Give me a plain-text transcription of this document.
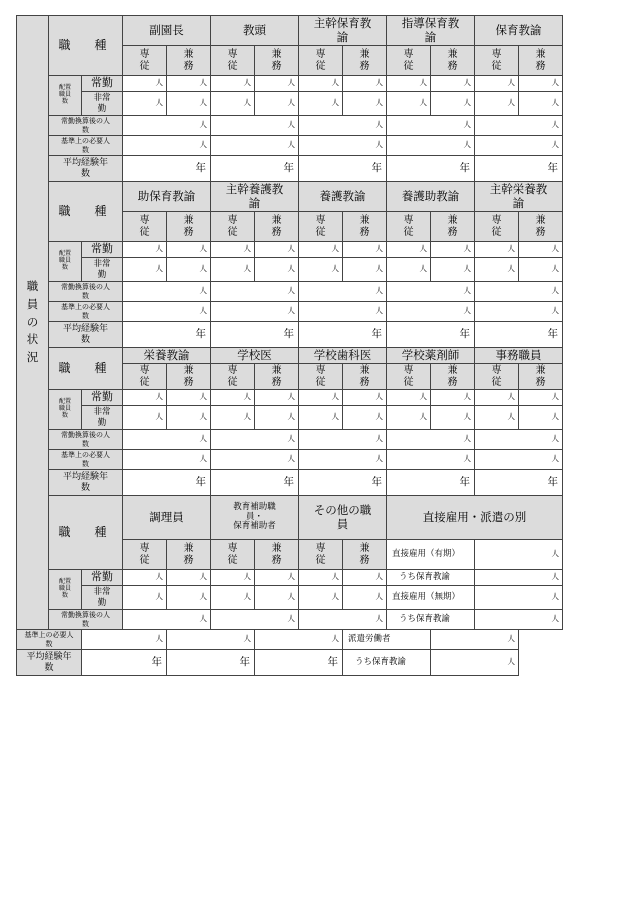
職員の状況	職　種		副園長		教頭		主幹保育教
諭		指導保育教
諭		保育教諭	
			専
従	兼
務	専
従	兼
務	専
従	兼
務	専
従	兼
務	専
従	兼
務
	配置
職員
数	常勤	人	人	人	人	人	人	人	人	人	人
		非常
勤	人	人	人	人	人	人	人	人	人	人
	常勤換算後の人
数		人		人		人		人		人	
	基準上の必要人
数		人		人		人		人		人	
	平均経験年
数		年		年		年		年		年	
	職　種		助保育教諭		主幹養護教
諭		養護教諭		養護助教諭		主幹栄養教
諭	
			専
従	兼
務	専
従	兼
務	専
従	兼
務	専
従	兼
務	専
従	兼
務
	配置
職員
数	常勤	人	人	人	人	人	人	人	人	人	人
		非常
勤	人	人	人	人	人	人	人	人	人	人
	常勤換算後の人
数		人		人		人		人		人	
	基準上の必要人
数		人		人		人		人		人	
	平均経験年
数		年		年		年		年		年	
	職　種		栄養教諭		学校医		学校歯科医		学校薬剤師		事務職員	
			専
従	兼
務	専
従	兼
務	専
従	兼
務	専
従	兼
務	専
従	兼
務
	配置
職員
数	常勤	人	人	人	人	人	人	人	人	人	人
		非常
勤	人	人	人	人	人	人	人	人	人	人
	常勤換算後の人
数		人		人		人		人		人	
	基準上の必要人
数		人		人		人		人		人	
	平均経験年
数		年		年		年		年		年	
	職　種		調理員		教育補助職
員・
保育補助者		その他の職
員		直接雇用・派遣の別			
			専
従	兼
務	専
従	兼
務	専
従	兼
務	直接雇用（有期）		人	
	配置
職員
数	常勤	人	人	人	人	人	人	うち保育教諭		人	
		非常
勤	人	人	人	人	人	人	直接雇用（無期）		人	
	常勤換算後の人
数		人		人		人		うち保育教諭		人	
基準上の必要人
数		人		人		人		派遣労働者		人		
平均経験年
数		年		年		年		うち保育教諭		人		
